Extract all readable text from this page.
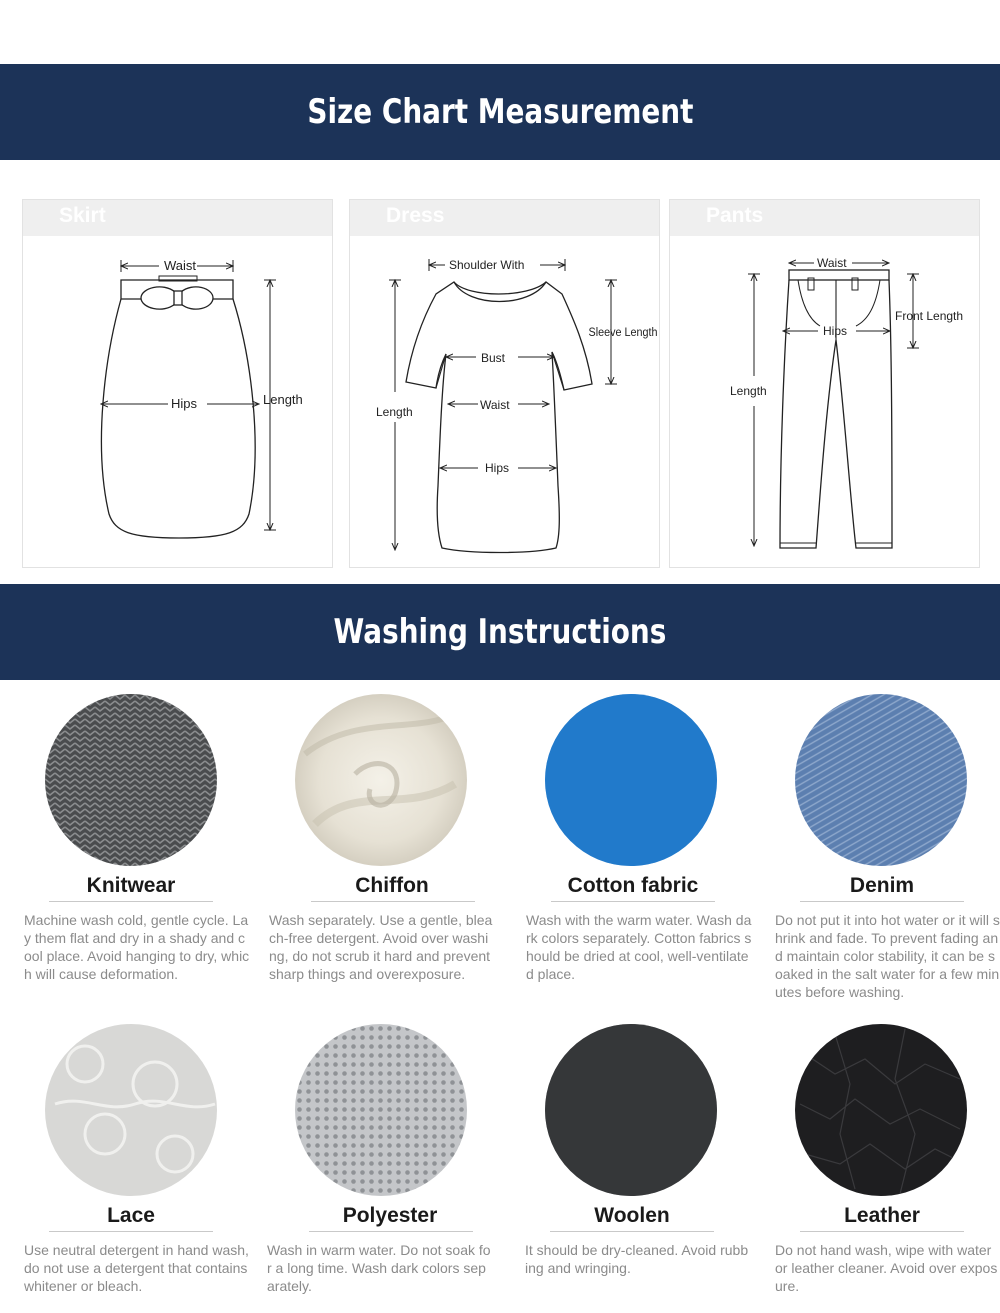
Size Chart Measurement
Skirt
Waist
Hips	Length
Dress
Shoulder With
Sleeve Length
Bust
Waist
Hips
Length
Pants
Waist
Hips
Front Length
Length
Washing Instructions
Knitwear
Machine wash cold, gentle cycle. Lay them flat and dry in a shady and cool place. Avoid hanging to dry, which will cause deformation.
Chiffon
Wash separately. Use a gentle, bleach-free detergent. Avoid over washing, do not scrub it hard and prevent sharp things and overexposure.
Cotton fabric
Wash with the warm water. Wash dark colors separately. Cotton fabrics should be dried at cool, well-ventilated place.
Denim
Do not put it into hot water or it will shrink and fade. To prevent fading and maintain color stability, it can be soaked in the salt water for a few minutes before washing.
Lace
Use neutral detergent in hand wash, do not use a detergent that contains whitener or bleach.
Polyester
Wash in warm water. Do not soak for a long time. Wash dark colors separately.
Woolen
It should be dry-cleaned. Avoid rubbing and wringing.
Leather
Do not hand wash, wipe with water or leather cleaner. Avoid over exposure.
